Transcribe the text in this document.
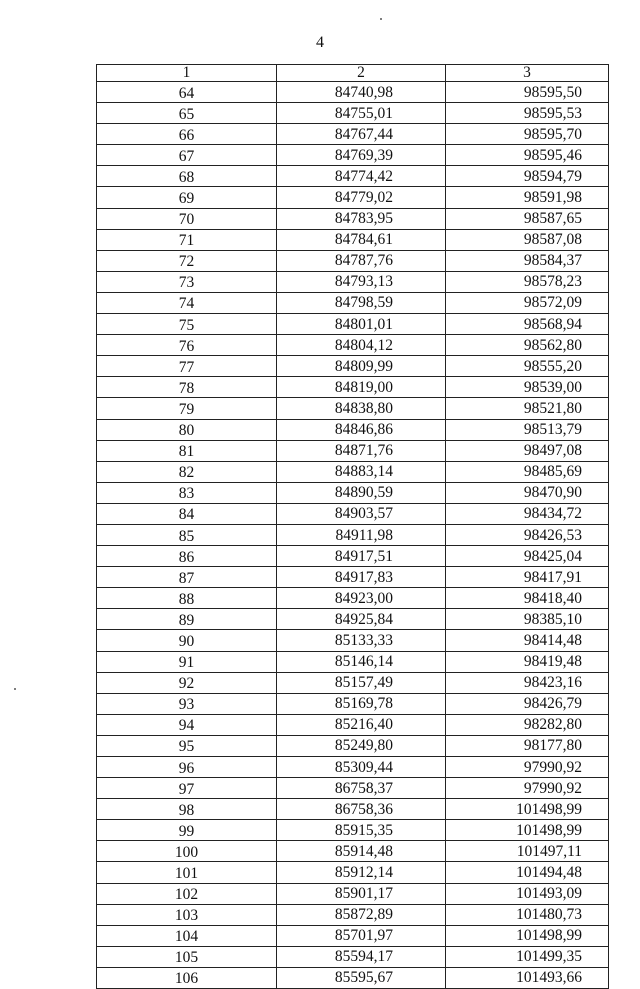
4
1	2	3
64	84740,98	98595,50
65	84755,01	98595,53
66	84767,44	98595,70
67	84769,39	98595,46
68	84774,42	98594,79
69	84779,02	98591,98
70	84783,95	98587,65
71	84784,61	98587,08
72	84787,76	98584,37
73	84793,13	98578,23
74	84798,59	98572,09
75	84801,01	98568,94
76	84804,12	98562,80
77	84809,99	98555,20
78	84819,00	98539,00
79	84838,80	98521,80
80	84846,86	98513,79
81	84871,76	98497,08
82	84883,14	98485,69
83	84890,59	98470,90
84	84903,57	98434,72
85	84911,98	98426,53
86	84917,51	98425,04
87	84917,83	98417,91
88	84923,00	98418,40
89	84925,84	98385,10
90	85133,33	98414,48
91	85146,14	98419,48
92	85157,49	98423,16
93	85169,78	98426,79
94	85216,40	98282,80
95	85249,80	98177,80
96	85309,44	97990,92
97	86758,37	97990,92
98	86758,36	101498,99
99	85915,35	101498,99
100	85914,48	101497,11
101	85912,14	101494,48
102	85901,17	101493,09
103	85872,89	101480,73
104	85701,97	101498,99
105	85594,17	101499,35
106	85595,67	101493,66
